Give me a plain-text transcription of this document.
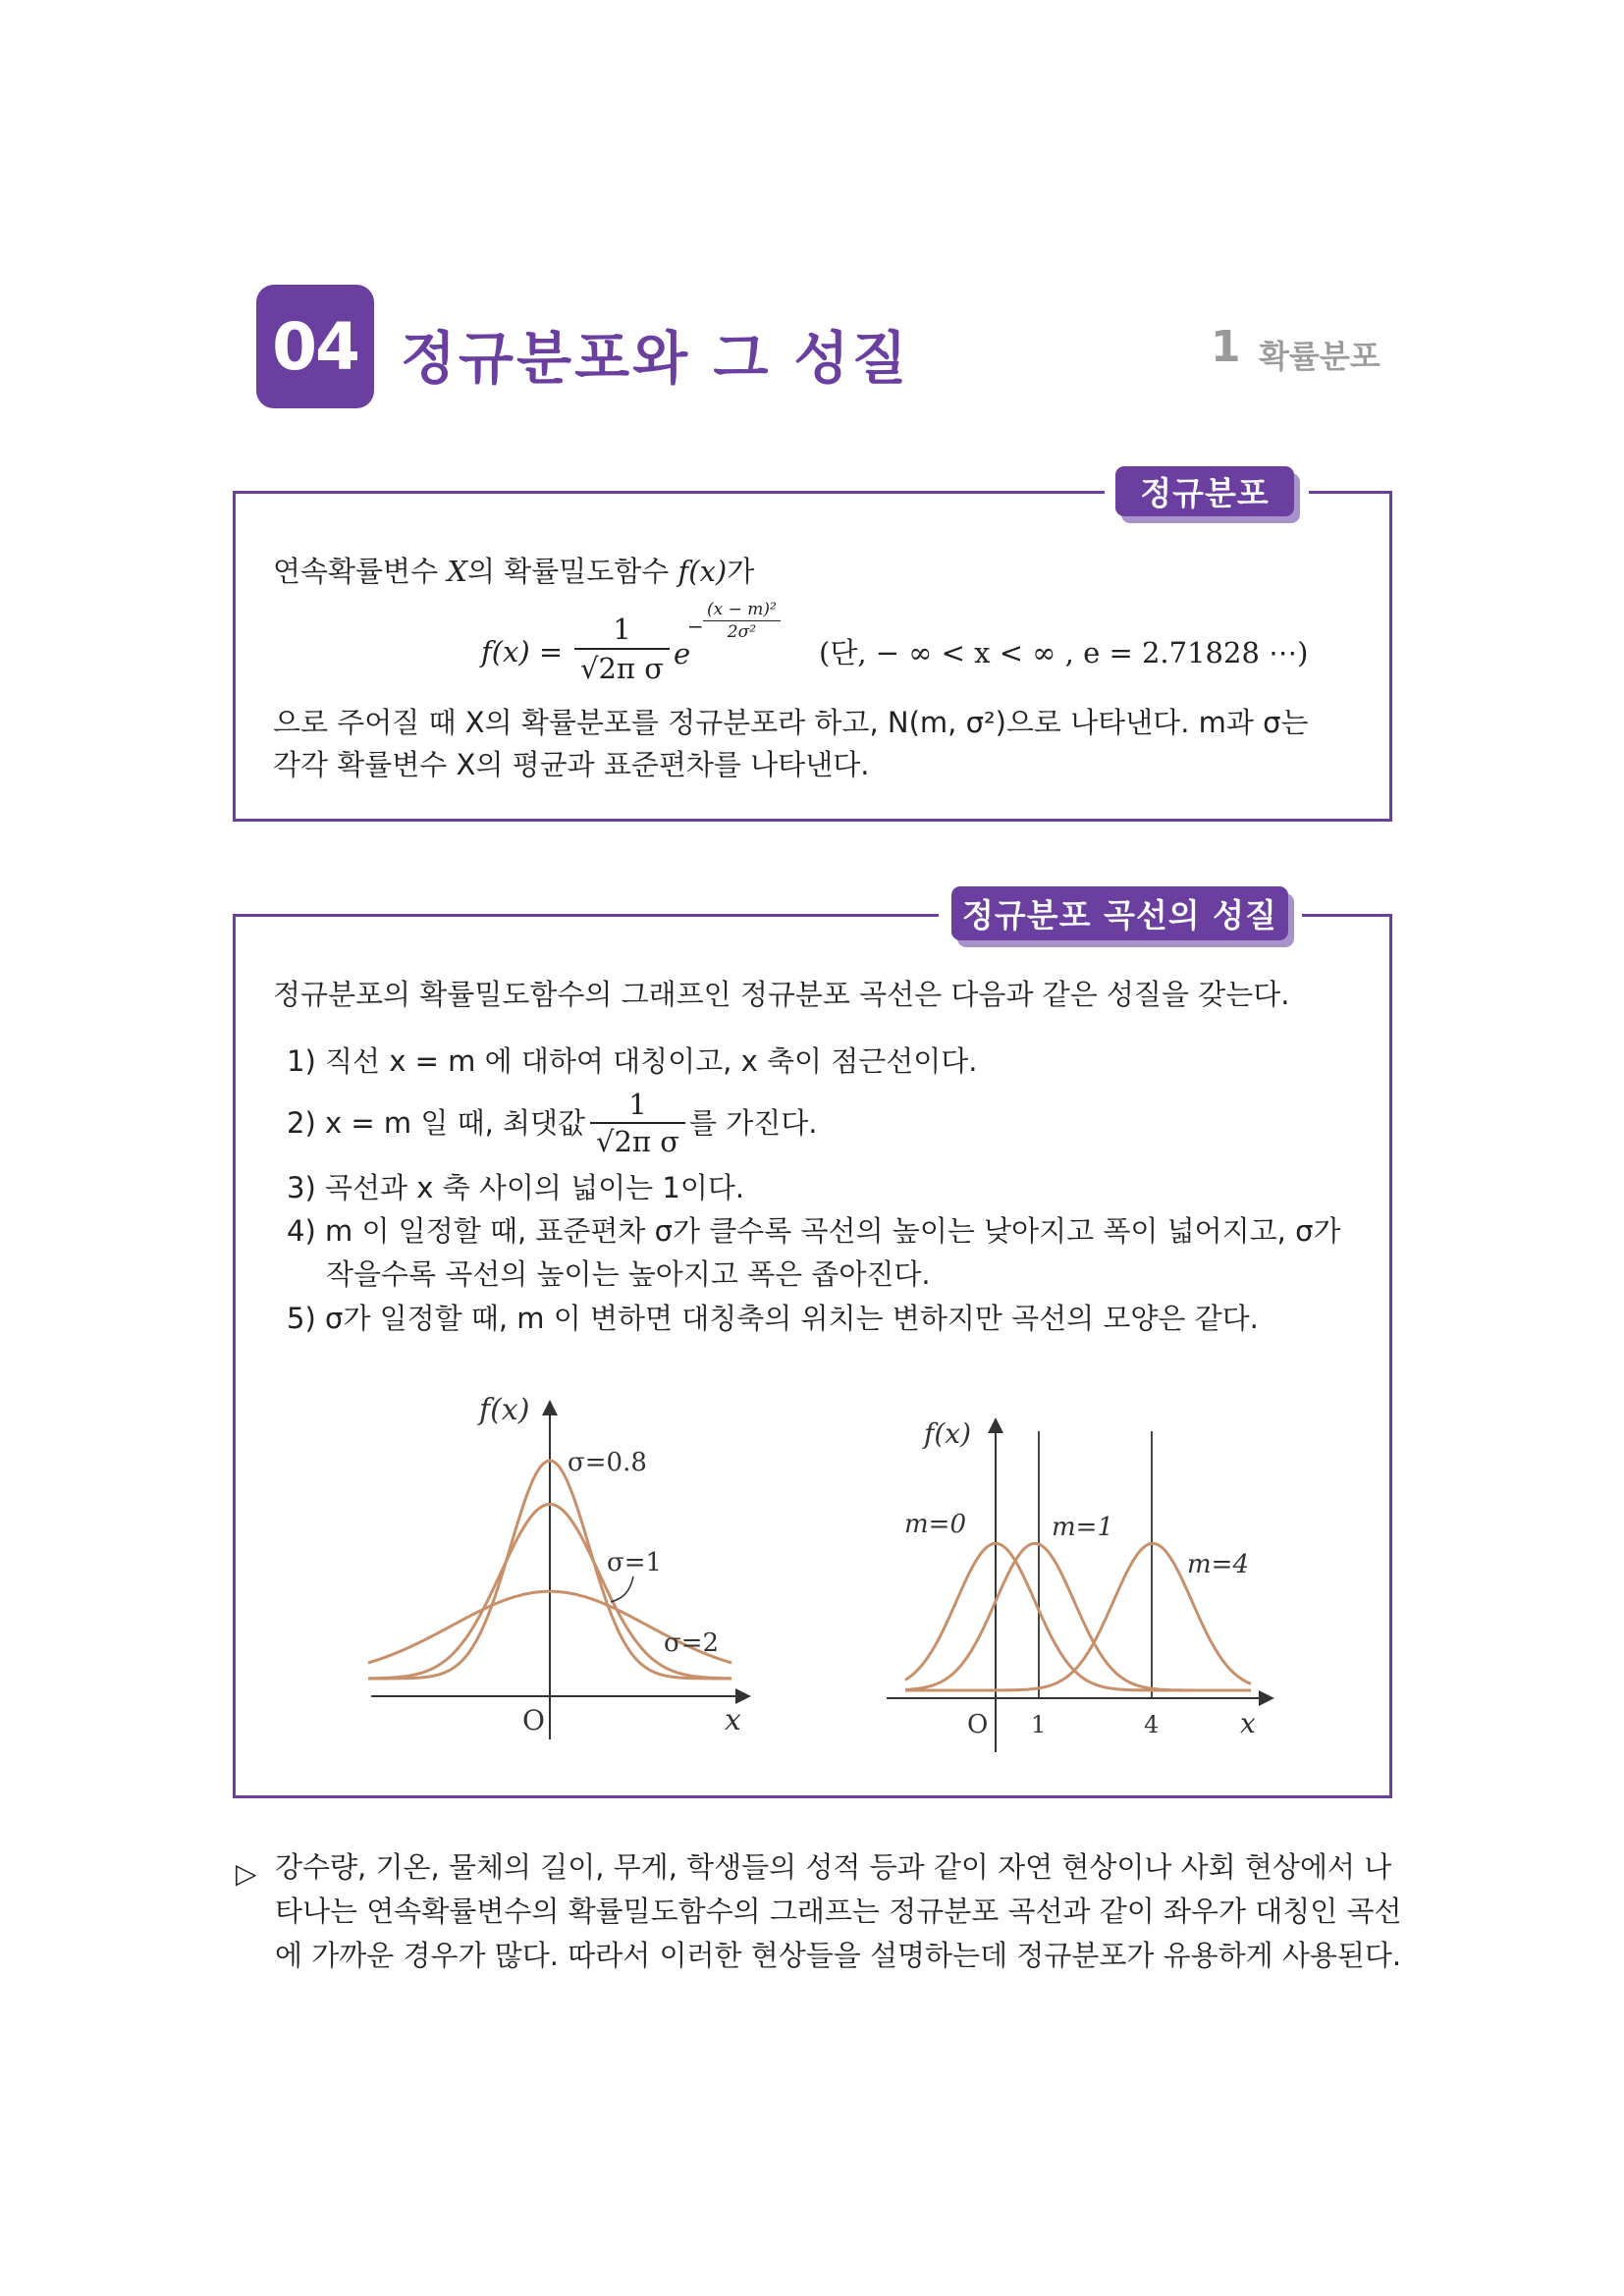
04 정규분포와 그 성질	1 확률분포
정규분포
연속확률변수 X의 확률밀도함수 f(x)가
$f(x) = \frac{1}{\text{√2π σ}}$ e
−
(x − m)²
2σ²
(단, − ∞ < x < ∞ , e = 2.71828 ⋯)
으로 주어질 때 X의 확률분포를 정규분포라 하고, N(m, σ²)으로 나타낸다. m과 σ는
각각 확률변수 X의 평균과 표준편차를 나타낸다.
정규분포 곡선의 성질
정규분포의 확률밀도함수의 그래프인 정규분포 곡선은 다음과 같은 성질을 갖는다.
1) 직선 x = m 에 대하여 대칭이고, x 축이 점근선이다.
2) x = m 일 때, 최댓값 $\frac{1}{\text{√2π σ}}$ 를 가진다.
3) 곡선과 x 축 사이의 넓이는 1이다.
4) m 이 일정할 때, 표준편차 σ가 클수록 곡선의 높이는 낮아지고 폭이 넓어지고, σ가
작을수록 곡선의 높이는 높아지고 폭은 좁아진다.
5) σ가 일정할 때, m 이 변하면 대칭축의 위치는 변하지만 곡선의 모양은 같다.
f(x)
O	x
σ=0.8
σ=1
σ=2
f(x)
O 1	4	x
m=0	m=1
m=4
▷ 강수량, 기온, 물체의 길이, 무게, 학생들의 성적 등과 같이 자연 현상이나 사회 현상에서 나
타나는 연속확률변수의 확률밀도함수의 그래프는 정규분포 곡선과 같이 좌우가 대칭인 곡선
에 가까운 경우가 많다. 따라서 이러한 현상들을 설명하는데 정규분포가 유용하게 사용된다.
